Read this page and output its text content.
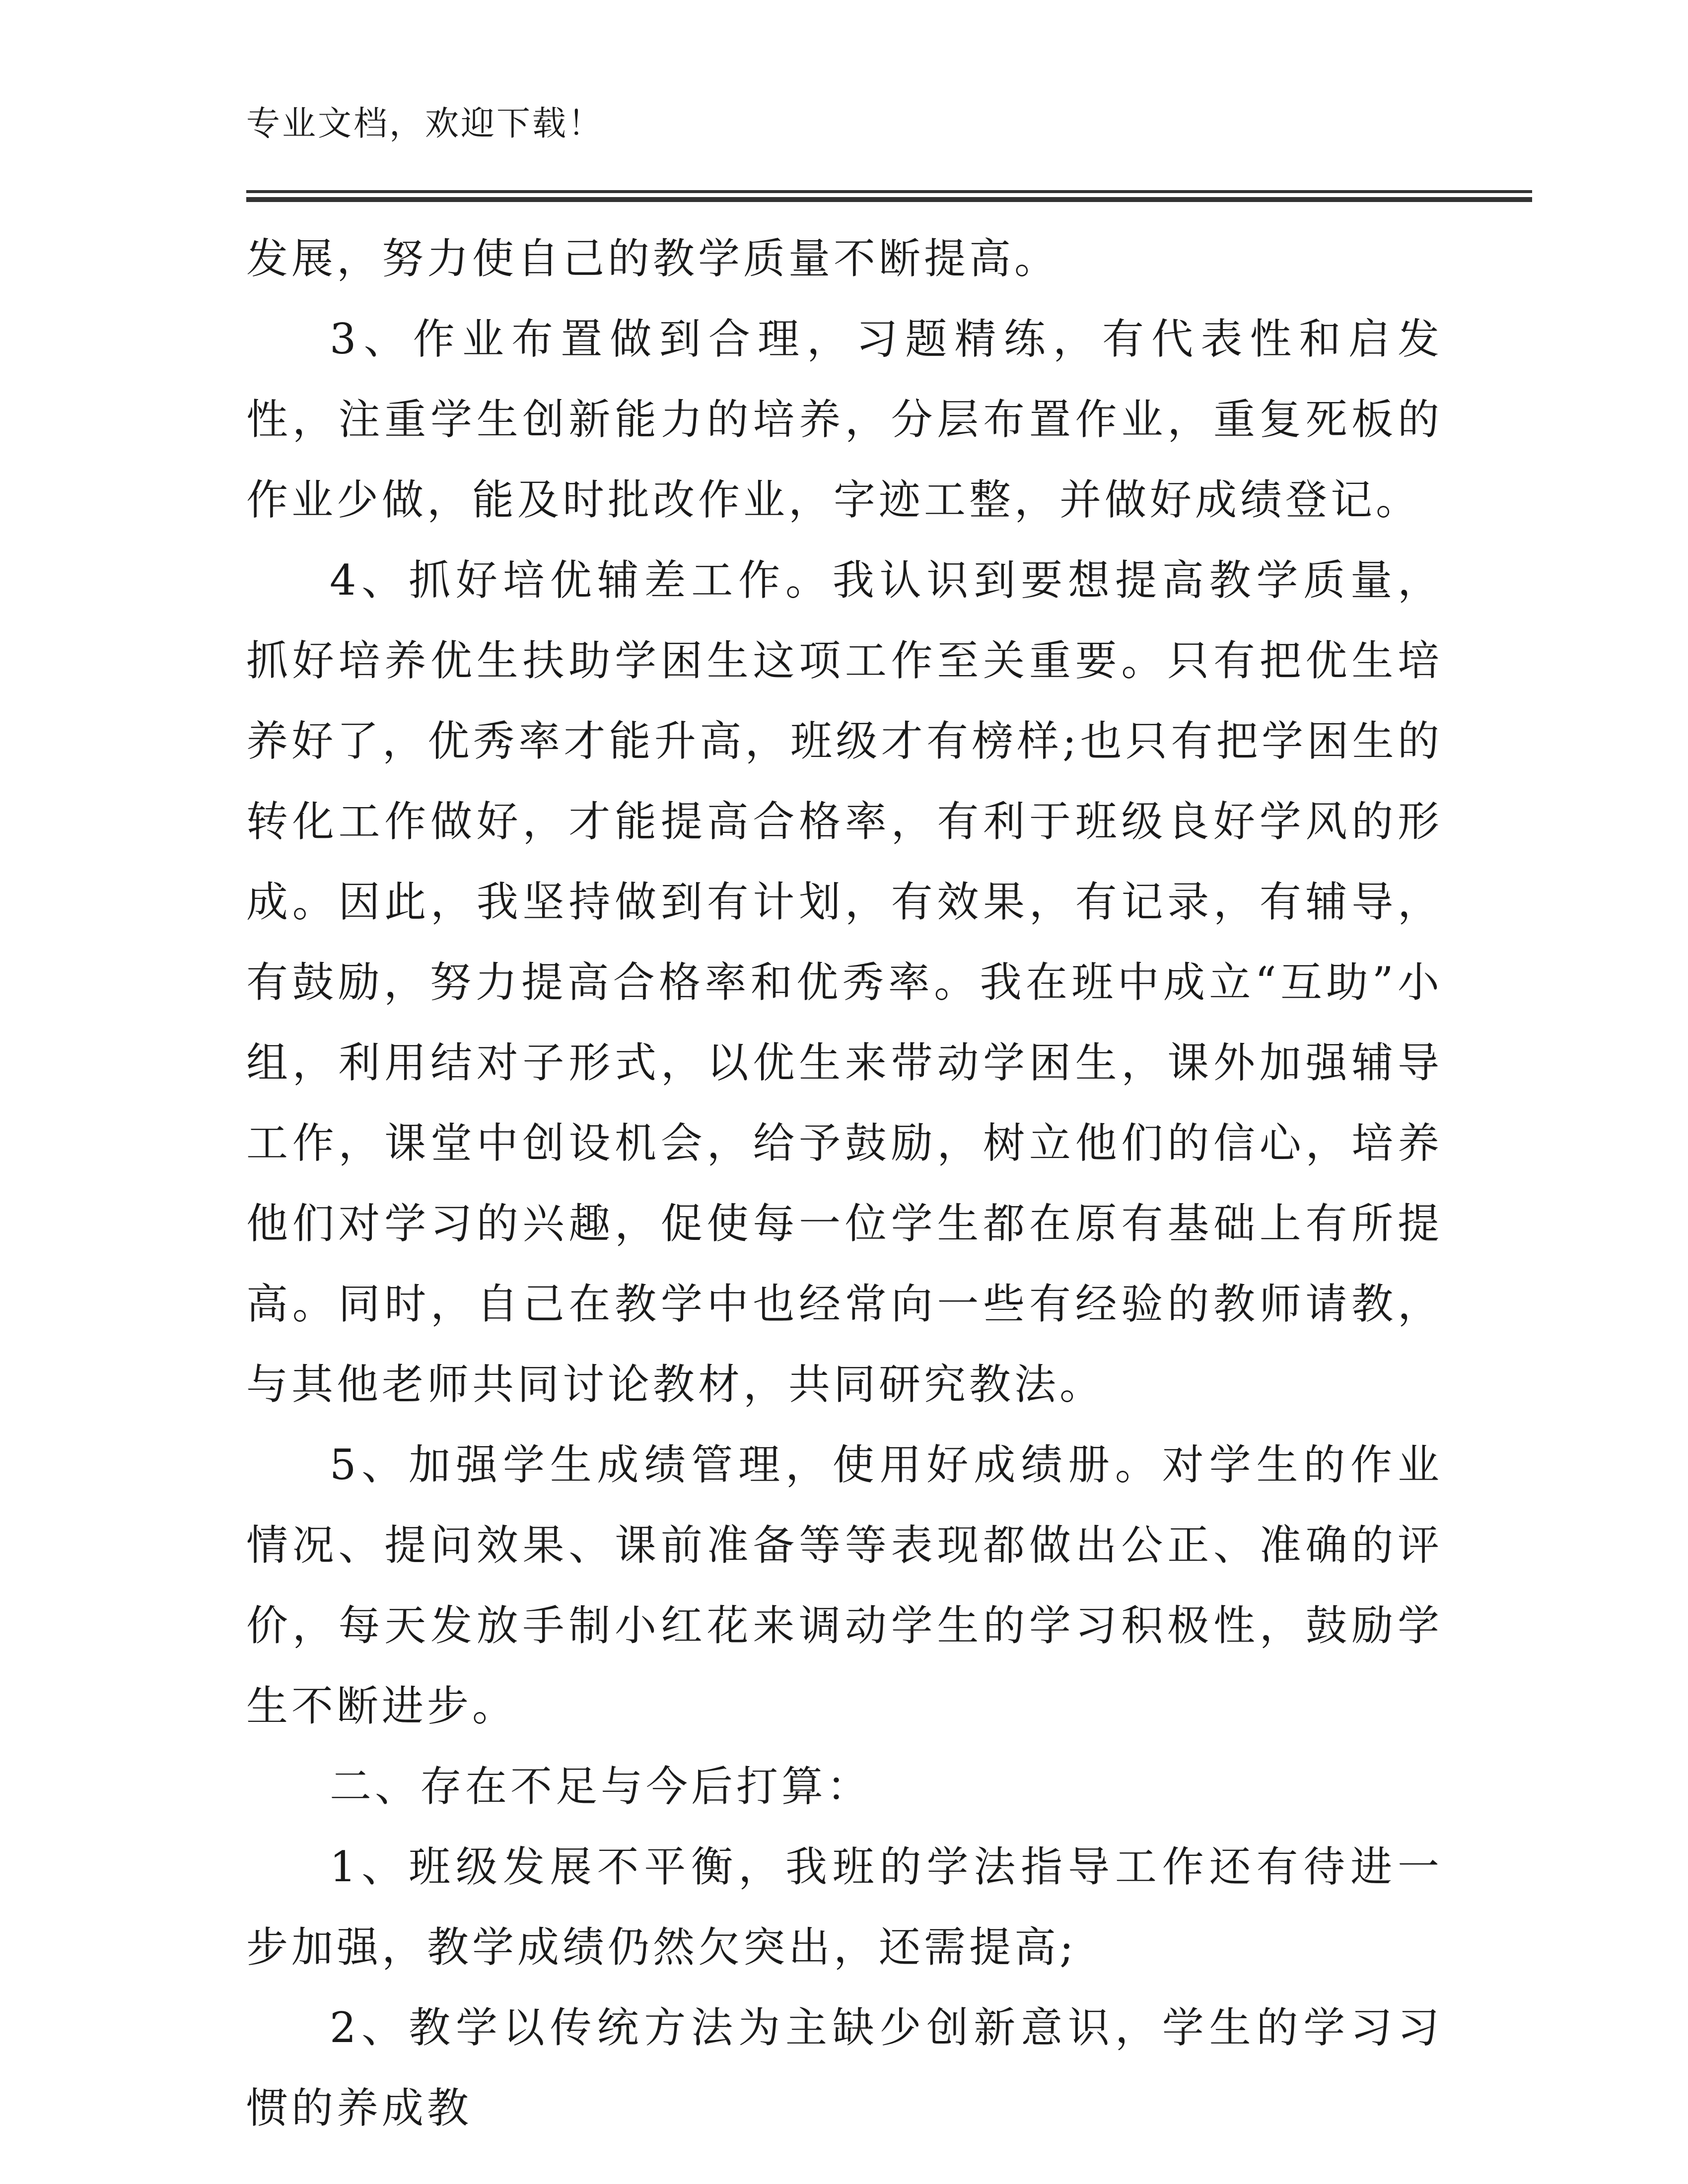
专业文档，欢迎下载！

发展，努力使自己的教学质量不断提高。

3、作业布置做到合理，习题精练，有代表性和启发性，注重学生创新能力的培养，分层布置作业，重复死板的作业少做，能及时批改作业，字迹工整，并做好成绩登记。

4、抓好培优辅差工作。我认识到要想提高教学质量，抓好培养优生扶助学困生这项工作至关重要。只有把优生培养好了，优秀率才能升高，班级才有榜样;也只有把学困生的转化工作做好，才能提高合格率，有利于班级良好学风的形成。因此，我坚持做到有计划，有效果，有记录，有辅导，有鼓励，努力提高合格率和优秀率。我在班中成立“互助”小组，利用结对子形式，以优生来带动学困生，课外加强辅导工作，课堂中创设机会，给予鼓励，树立他们的信心，培养他们对学习的兴趣，促使每一位学生都在原有基础上有所提高。同时，自己在教学中也经常向一些有经验的教师请教，与其他老师共同讨论教材，共同研究教法。

5、加强学生成绩管理，使用好成绩册。对学生的作业情况、提问效果、课前准备等等表现都做出公正、准确的评价，每天发放手制小红花来调动学生的学习积极性，鼓励学生不断进步。

二、存在不足与今后打算：

1、班级发展不平衡，我班的学法指导工作还有待进一步加强，教学成绩仍然欠突出，还需提高;

2、教学以传统方法为主缺少创新意识，学生的学习习惯的养成教
